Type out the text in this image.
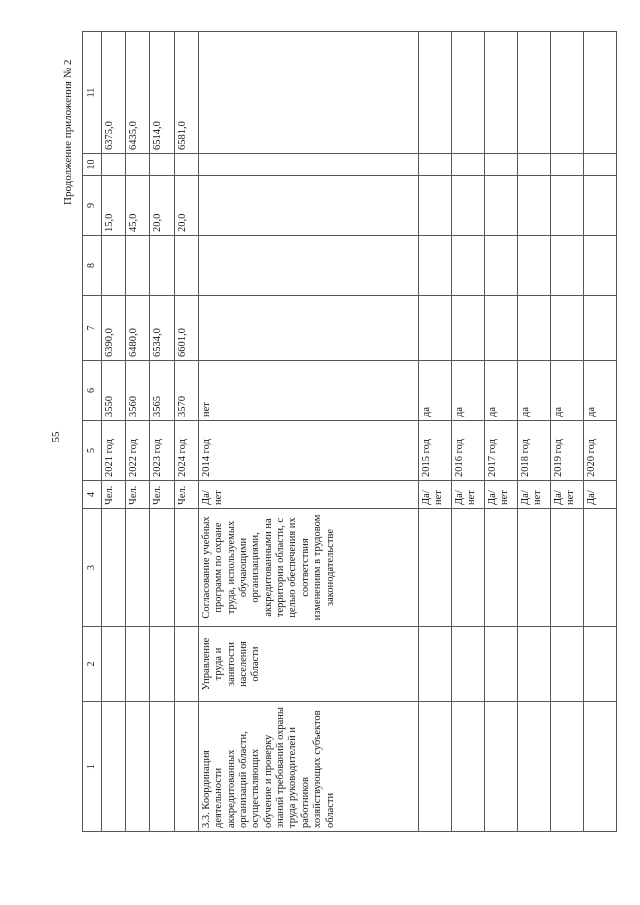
55
Продолжение приложения № 2
1	2	3	4	5	6	7	8	9	10	11
			Чел.	2021 год	3550	6390,0		15,0		6375,0
			Чел.	2022 год	3560	6480,0		45,0		6435,0
			Чел.	2023 год	3565	6534,0		20,0		6514,0
			Чел.	2024 год	3570	6601,0		20,0		6581,0
3.3. Координация деятельности аккредитованных организаций области, осуществляющих обучение и проверку знаний требований охраны труда руководителей и работников хозяйствующих субъектов области	Управление труда и занятости населения области	Согласование учебных программ по охране труда, используемых обучающими организациями, аккредитованными на территории области, с целью обеспечения их соответствия изменениям в трудовом законодательстве	Да/ нет	2014 год	нет					
			Да/ нет	2015 год	да					
			Да/ нет	2016 год	да					
			Да/ нет	2017 год	да					
			Да/ нет	2018 год	да					
			Да/ нет	2019 год	да					
			Да/	2020 год	да					
